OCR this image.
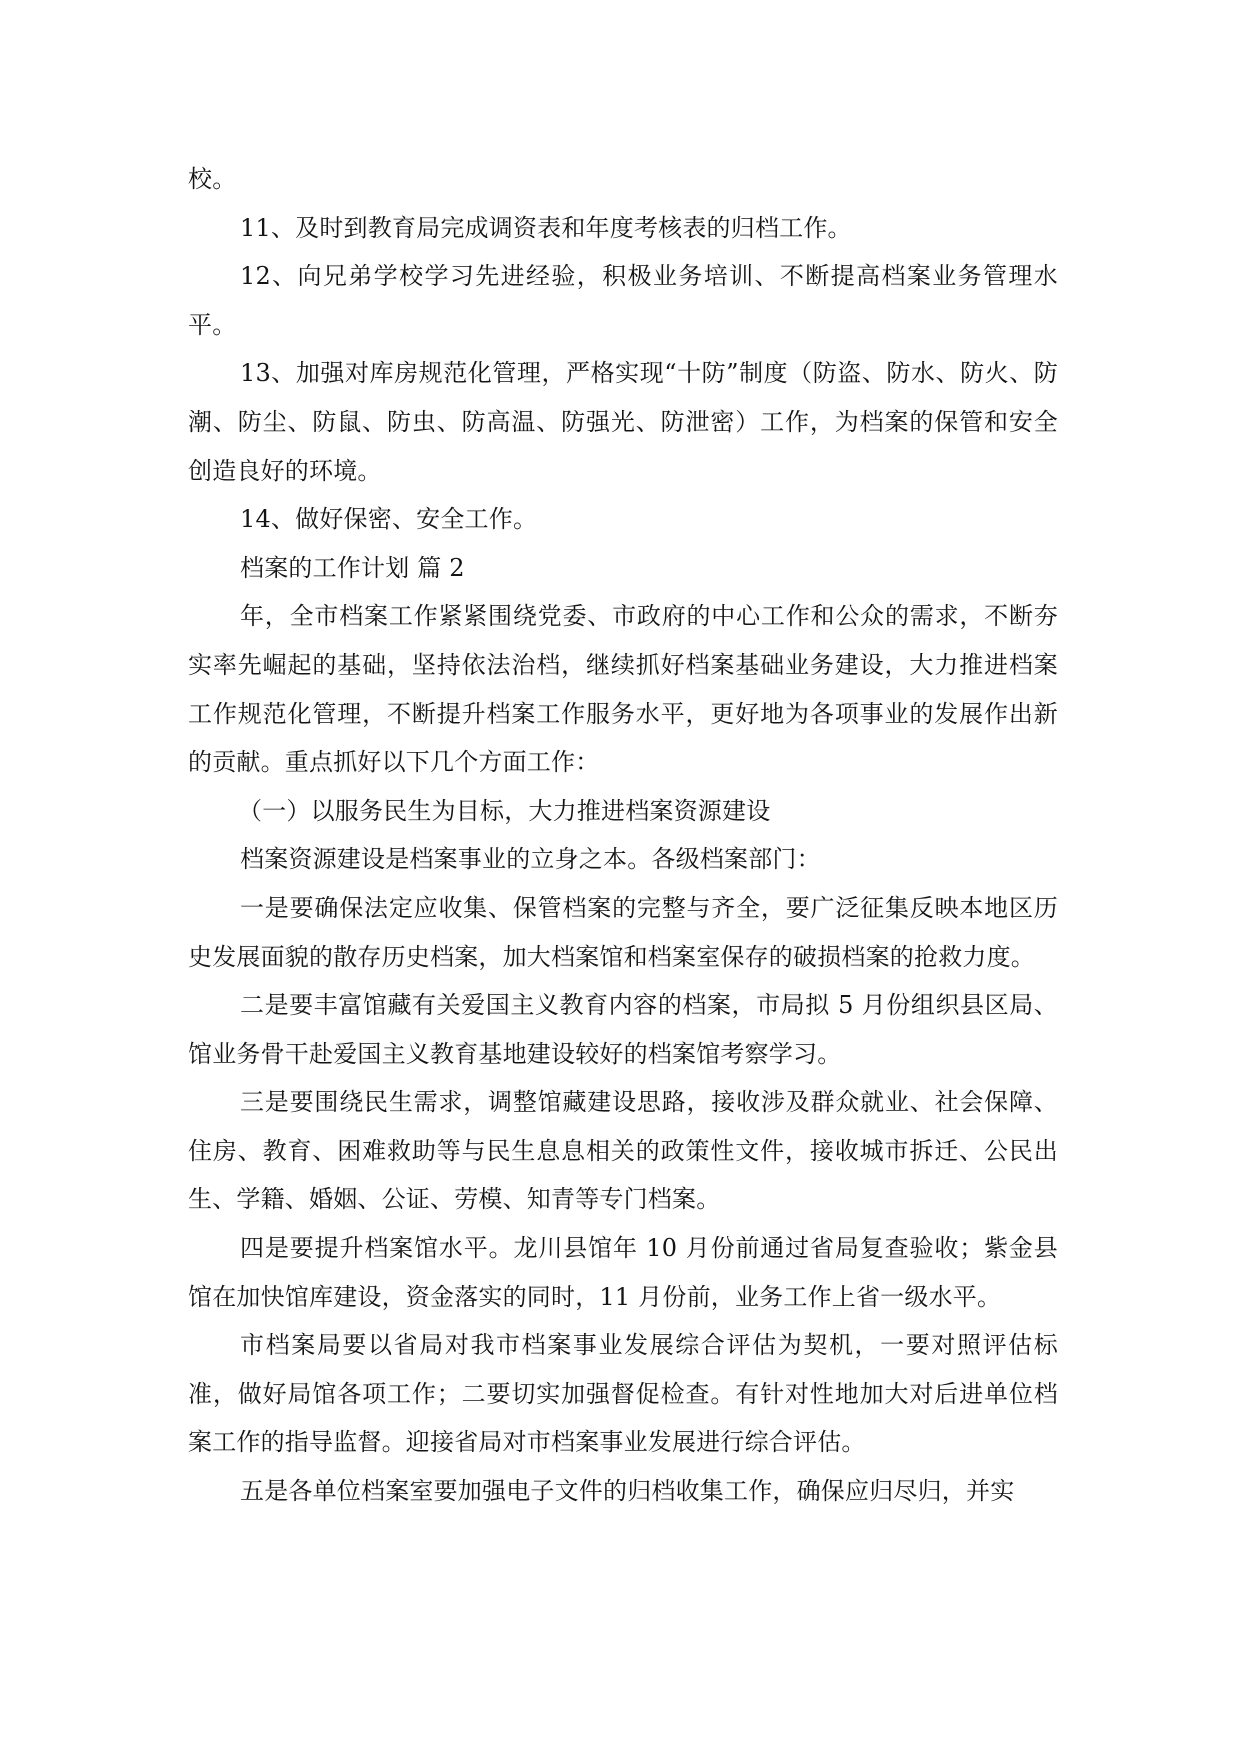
校。

11、及时到教育局完成调资表和年度考核表的归档工作。

12、向兄弟学校学习先进经验，积极业务培训、不断提高档案业务管理水平。

13、加强对库房规范化管理，严格实现“十防”制度（防盗、防水、防火、防潮、防尘、防鼠、防虫、防高温、防强光、防泄密）工作，为档案的保管和安全创造良好的环境。

14、做好保密、安全工作。

档案的工作计划 篇 2

年，全市档案工作紧紧围绕党委、市政府的中心工作和公众的需求，不断夯实率先崛起的基础，坚持依法治档，继续抓好档案基础业务建设，大力推进档案工作规范化管理，不断提升档案工作服务水平，更好地为各项事业的发展作出新的贡献。重点抓好以下几个方面工作：

（一）以服务民生为目标，大力推进档案资源建设

档案资源建设是档案事业的立身之本。各级档案部门：

一是要确保法定应收集、保管档案的完整与齐全，要广泛征集反映本地区历史发展面貌的散存历史档案，加大档案馆和档案室保存的破损档案的抢救力度。

二是要丰富馆藏有关爱国主义教育内容的档案，市局拟 5 月份组织县区局、馆业务骨干赴爱国主义教育基地建设较好的档案馆考察学习。

三是要围绕民生需求，调整馆藏建设思路，接收涉及群众就业、社会保障、住房、教育、困难救助等与民生息息相关的政策性文件，接收城市拆迁、公民出生、学籍、婚姻、公证、劳模、知青等专门档案。

四是要提升档案馆水平。龙川县馆年 10 月份前通过省局复查验收；紫金县馆在加快馆库建设，资金落实的同时，11 月份前，业务工作上省一级水平。

市档案局要以省局对我市档案事业发展综合评估为契机，一要对照评估标准，做好局馆各项工作；二要切实加强督促检查。有针对性地加大对后进单位档案工作的指导监督。迎接省局对市档案事业发展进行综合评估。

五是各单位档案室要加强电子文件的归档收集工作，确保应归尽归，并实
